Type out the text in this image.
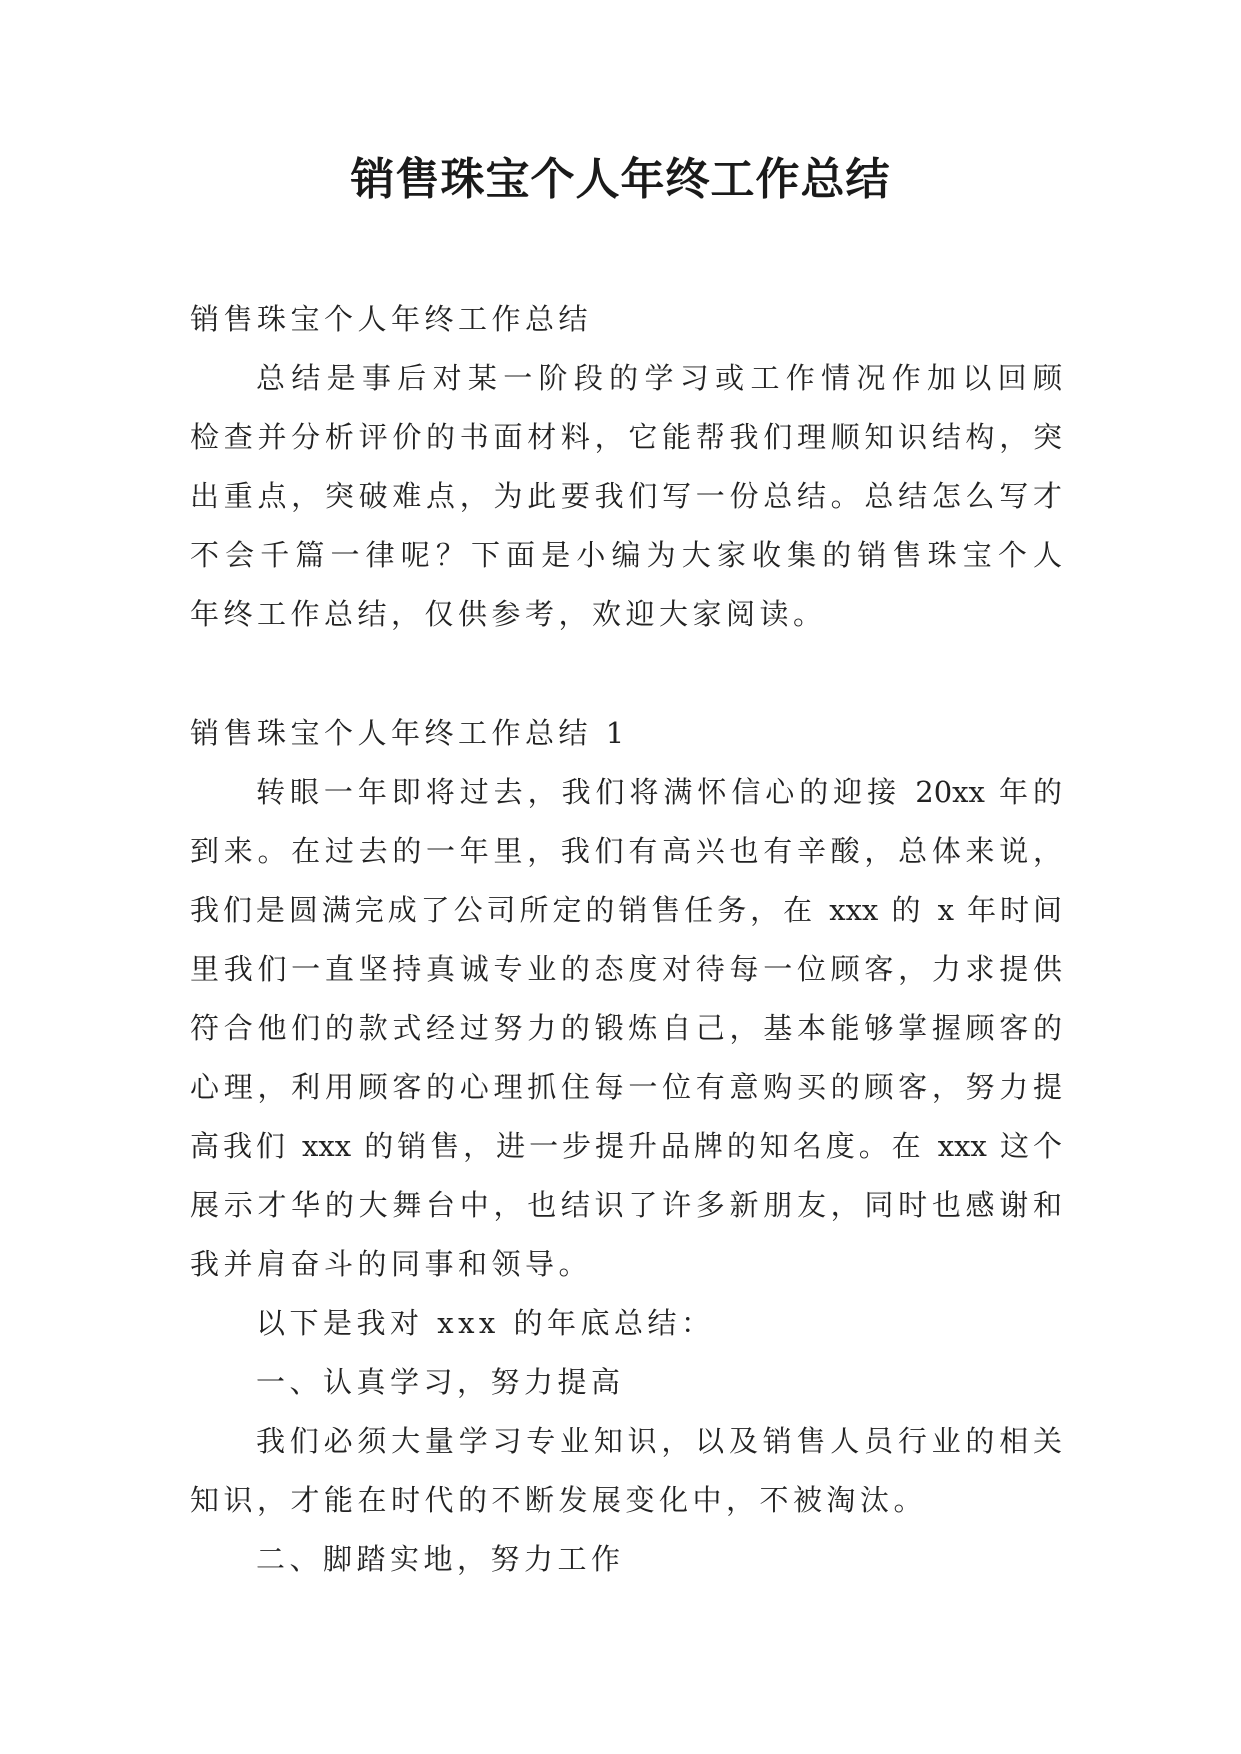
销售珠宝个人年终工作总结
销售珠宝个人年终工作总结
总结是事后对某一阶段的学习或工作情况作加以回顾
检查并分析评价的书面材料，它能帮我们理顺知识结构，突
出重点，突破难点，为此要我们写一份总结。总结怎么写才
不会千篇一律呢？下面是小编为大家收集的销售珠宝个人
年终工作总结，仅供参考，欢迎大家阅读。
销售珠宝个人年终工作总结 1
转眼一年即将过去，我们将满怀信心的迎接 20xx 年的
到来。在过去的一年里，我们有高兴也有辛酸，总体来说，
我们是圆满完成了公司所定的销售任务，在 xxx 的 x 年时间
里我们一直坚持真诚专业的态度对待每一位顾客，力求提供
符合他们的款式经过努力的锻炼自己，基本能够掌握顾客的
心理，利用顾客的心理抓住每一位有意购买的顾客，努力提
高我们 xxx 的销售，进一步提升品牌的知名度。在 xxx 这个
展示才华的大舞台中，也结识了许多新朋友，同时也感谢和
我并肩奋斗的同事和领导。
以下是我对 xxx 的年底总结：
一、认真学习，努力提高
我们必须大量学习专业知识，以及销售人员行业的相关
知识，才能在时代的不断发展变化中，不被淘汰。
二、脚踏实地，努力工作
